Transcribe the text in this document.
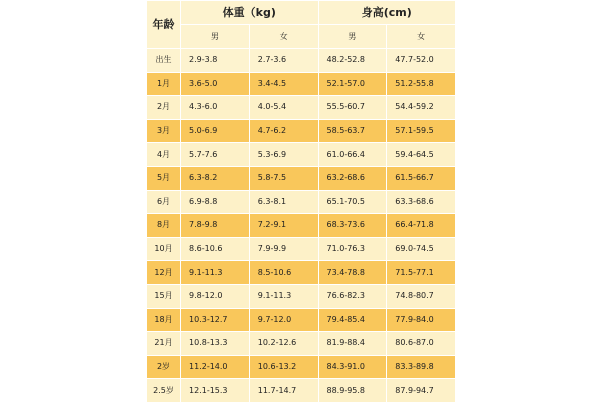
年龄	体重（kg)		身高(cm)	
	男	女	男	女
出生	2.9-3.8	2.7-3.6	48.2-52.8	47.7-52.0
1月	3.6-5.0	3.4-4.5	52.1-57.0	51.2-55.8
2月	4.3-6.0	4.0-5.4	55.5-60.7	54.4-59.2
3月	5.0-6.9	4.7-6.2	58.5-63.7	57.1-59.5
4月	5.7-7.6	5.3-6.9	61.0-66.4	59.4-64.5
5月	6.3-8.2	5.8-7.5	63.2-68.6	61.5-66.7
6月	6.9-8.8	6.3-8.1	65.1-70.5	63.3-68.6
8月	7.8-9.8	7.2-9.1	68.3-73.6	66.4-71.8
10月	8.6-10.6	7.9-9.9	71.0-76.3	69.0-74.5
12月	9.1-11.3	8.5-10.6	73.4-78.8	71.5-77.1
15月	9.8-12.0	9.1-11.3	76.6-82.3	74.8-80.7
18月	10.3-12.7	9.7-12.0	79.4-85.4	77.9-84.0
21月	10.8-13.3	10.2-12.6	81.9-88.4	80.6-87.0
2岁	11.2-14.0	10.6-13.2	84.3-91.0	83.3-89.8
2.5岁	12.1-15.3	11.7-14.7	88.9-95.8	87.9-94.7
